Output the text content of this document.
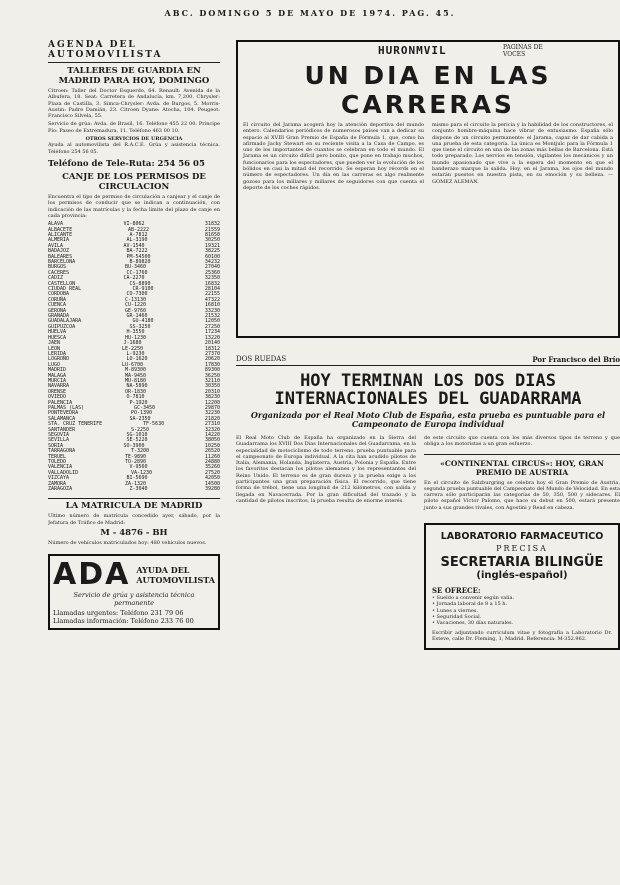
ABC. DOMINGO 5 DE MAYO DE 1974. PAG. 45.
AGENDA DEL AUTOMOVILISTA
TALLERES DE GUARDIA EN MADRID PARA HOY, DOMINGO
Citroen: Taller del Doctor Esquerdo, 64. Renault: Avenida de la Albufera, 18. Seat: Carretera de Andalucía, km. 7,200. Chrysler: Plaza de Castilla, 3. Simca-Chrysler: Avda. de Burgos, 5. Morris-Austin: Padre Damián, 23. Citroen Dyane: Atocha, 104. Peugeot: Francisco Silvela, 55.
Servicio de grúa: Avda. de Brasil, 16. Teléfono 455 22 00. Principe Pío: Paseo de Extremadura, 11. Teléfono 463 00 10.
OTROS SERVICIOS DE URGENCIA
Ayuda al automovilista del R.A.C.E. Grúa y asistencia técnica. Teléfono 254 56 05.
Teléfono de Tele-Ruta: 254 56 05
CANJE DE LOS PERMISOS DE CIRCULACION
Encuentra el tipo de permiso de circulación a canjear y el canje de los permisos de conducir que se indican a continuación, con indicación de las matrículas y la fecha límite del plazo de canje en cada provincia:
ALAVA	VI-8062	31832
ALBACETE	AB-2222	21559
ALICANTE	A-7812	81650
ALMERIA	AL-3190	30250
AVILA	AV-1540	19321
BADAJOZ	BA-7222	38225
BALEARES	PM-54500	60100
BARCELONA	B-89820	34232
BURGOS	BU-3460	27040
CACERES	CC-1760	25360
CADIZ	CA-2270	32350
CASTELLON	CS-8890	16832
CIUDAD REAL	CR-9100	28104
CORDOBA	CO-7300	22155
CORUÑA	C-13130	47322
CUENCA	CU-1220	16810
GERONA	GE-9760	33230
GRANADA	GR-1460	21532
GUADALAJARA	GU-4180	12050
GUIPUZCOA	SS-3250	27250
HUELVA	H-3550	17234
HUESCA	HU-1230	13220
JAEN	J-1680	20140
LEON	LE-2250	18312
LERIDA	L-9230	27370
LOGROÑO	LO-1620	20620
LUGO	LU-6700	17830
MADRID	M-89300	89300
MALAGA	MA-9450	36250
MURCIA	MU-8180	32110
NAVARRA	NA-5890	30350
ORENSE	OR-1830	20310
OVIEDO	O-7810	38230
PALENCIA	P-1920	12200
PALMAS (LAS)	GC-3450	29870
PONTEVEDRA	PO-1390	32230
SALAMANCA	SA-2350	21820
STA. CRUZ TENERIFE	TF-5630	27310
SANTANDER	S-2250	32320
SEGOVIA	SG-1010	14220
SEVILLA	SE-5220	38050
SORIA	SO-3900	10250
TARRAGONA	T-3200	26520
TERUEL	TE-9890	11260
TOLEDO	TO-2890	24880
VALENCIA	V-9560	35260
VALLADOLID	VA-1230	27520
VIZCAYA	BI-5690	42050
ZAMORA	ZA-1320	14500
ZARAGOZA	Z-3040	39280
LA MATRICULA DE MADRID
Ultimo número de matrícula concedido ayer, sábado, por la Jefatura de Tráfico de Madrid:
M - 4876 - BH
Número de vehículos matriculados hoy: 480 vehículos nuevos.
ADA AYUDA DEL
AUTOMOVILISTA
Servicio de grúa y asistencia técnica permanente
Llamadas urgentes: Teléfono 231 79 06
Llamadas información: Teléfono 233 76 00
HURONMVIL	PAGINAS DE VOCES
UN DIA EN LAS CARRERAS
El circuito del Jarama acogerá hoy la atención deportiva del mundo entero. Calendarios periódicos de numerosos países van a dedicar su espacio al XVIII Gran Premio de España de Fórmula 1, que, como ha afirmado Jacky Stewart en su reciente visita a la Casa de Campo, es uno de los importantes de cuantos se celebran en todo el mundo. El Jarama es un circuito difícil pero bonito, que pone en trabajo muchos, funcionarios para los espectadores, que pueden ver la evolución de los bólidos en casi la mitad del recorrido. Se esperan hoy récords en el número de espectadores. Un día en las carreras es algo realmente gozoso para los millares y millares de seguidores con que cuenta el deporte de los coches rápidos.
mismo para el circuito la pericia y la habilidad de los constructores, el conjunto hombre-máquina hace vibrar de entusiasmo. España sólo dispone de un circuito permanente: el Jarama, capaz de dar cabida a una prueba de esta categoría. La única es Montjuïc para la Fórmula 1 que tiene el circuito en una de las zonas más bellas de Barcelona. Está todo preparado. Los nervios en tensión, vigilantes los mecánicos y un mundo apasionado que vive a la espera del momento en que el banderazo marque la salida. Hoy, en el Jarama, los ojos del mundo estarán puestos en nuestra pista, en su emoción y su belleza. —GOMEZ ALEMAN.
DOS RUEDAS	Por Francisco del Brío
HOY TERMINAN LOS DOS DIAS INTERNACIONALES DEL GUADARRAMA
Organizada por el Real Moto Club de España, esta prueba es puntuable para el Campeonato de Europa individual
El Real Moto Club de España ha organizado en la Sierra del Guadarrama los XVIII Dos Días Internacionales del Guadarrama, en la especialidad de motociclismo de todo terreno, prueba puntuable para el campeonato de Europa individual. A la cita han acudido pilotos de Italia, Alemania, Holanda, Inglaterra, Austria, Polonia y España. Entre los favoritos destacan los pilotos alemanes y los representantes del Reino Unido. El terreno es de gran dureza y la prueba exige a los participantes una gran preparación física. El recorrido, que tiene forma de trébol, tiene una longitud de 212 kilómetros, con salida y llegada en Navacerrada. Por la gran dificultad del trazado y la cantidad de pilotos inscritos, la prueba resulta de enorme interés.
de este circuito que cuenta con los más diversos tipos de terreno y que obliga a los motoristas a un gran esfuerzo.
«CONTINENTAL CIRCUS»: HOY, GRAN PREMIO DE AUSTRIA
En el circuito de Salzburgring se celebra hoy el Gran Premio de Austria, segunda prueba puntuable del Campeonato del Mundo de Velocidad. En esta carrera sólo participarán las categorías de 50, 350, 500 y sidecares. El piloto español Víctor Palomo, que hace su debut en 500, estará presente junto a sus grandes rivales, con Agostini y Read en cabeza.
LABORATORIO FARMACEUTICO
PRECISA
SECRETARIA BILINGÜE
(inglés-español)
SE OFRECE:
• Sueldo a convenir según valía.
• Jornada laboral de 8 a 15 h.
• Lunes a viernes.
• Seguridad Social.
• Vacaciones, 30 días naturales.
Escribir adjuntando curriculum vitae y fotografía a Laboratorio Dr. Esteve, calle Dr. Fleming, 1, Madrid. Referencia: M-352.962.
